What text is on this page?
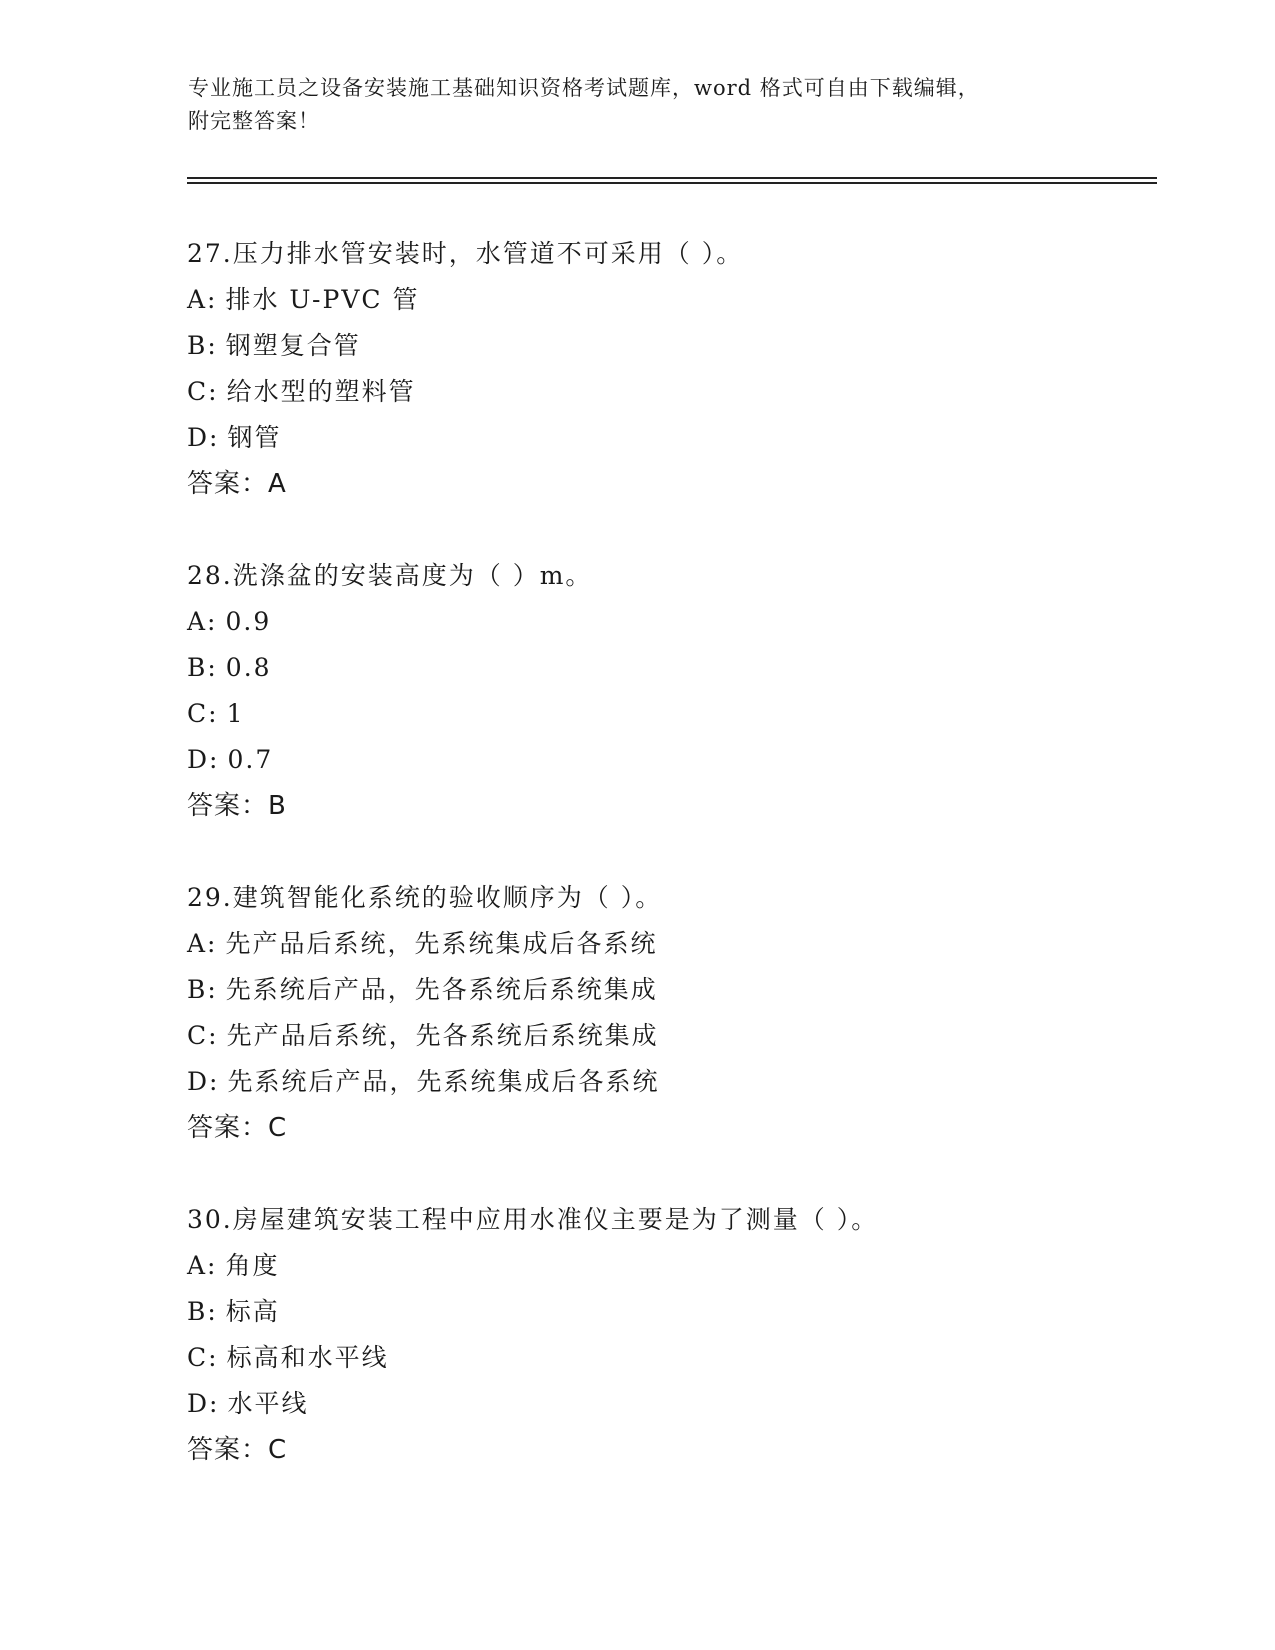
专业施工员之设备安装施工基础知识资格考试题库，word 格式可自由下载编辑，
附完整答案！
27.压力排水管安装时，水管道不可采用（ ）。
A: 排水 U-PVC 管
B: 钢塑复合管
C: 给水型的塑料管
D: 钢管
答案：A
28.洗涤盆的安装高度为（ ）m。
A: 0.9
B: 0.8
C: 1
D: 0.7
答案：B
29.建筑智能化系统的验收顺序为（ ）。
A: 先产品后系统，先系统集成后各系统
B: 先系统后产品，先各系统后系统集成
C: 先产品后系统，先各系统后系统集成
D: 先系统后产品，先系统集成后各系统
答案：C
30.房屋建筑安装工程中应用水准仪主要是为了测量（ ）。
A: 角度
B: 标高
C: 标高和水平线
D: 水平线
答案：C
